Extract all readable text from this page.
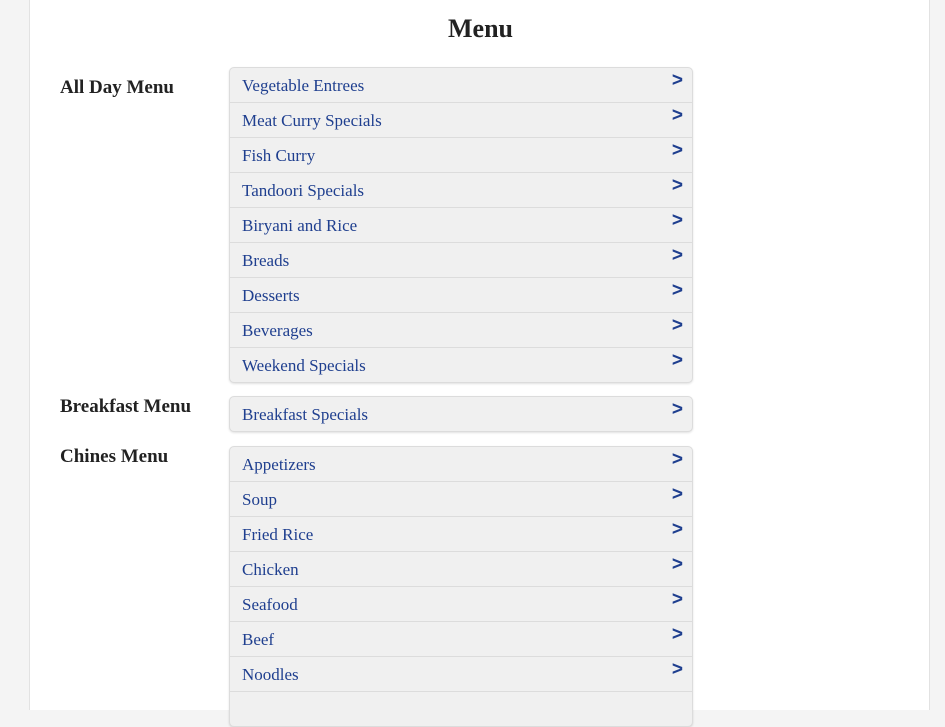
Menu
All Day Menu	Vegetable Entrees	>
Meat Curry Specials	>
Fish Curry	>
Tandoori Specials	>
Biryani and Rice	>
Breads	>
Desserts	>
Beverages	>
Weekend Specials	>
Breakfast Menu	Breakfast Specials	>
Chines Menu	Appetizers	>
Soup	>
Fried Rice	>
Chicken	>
Seafood	>
Beef	>
Noodles	>
